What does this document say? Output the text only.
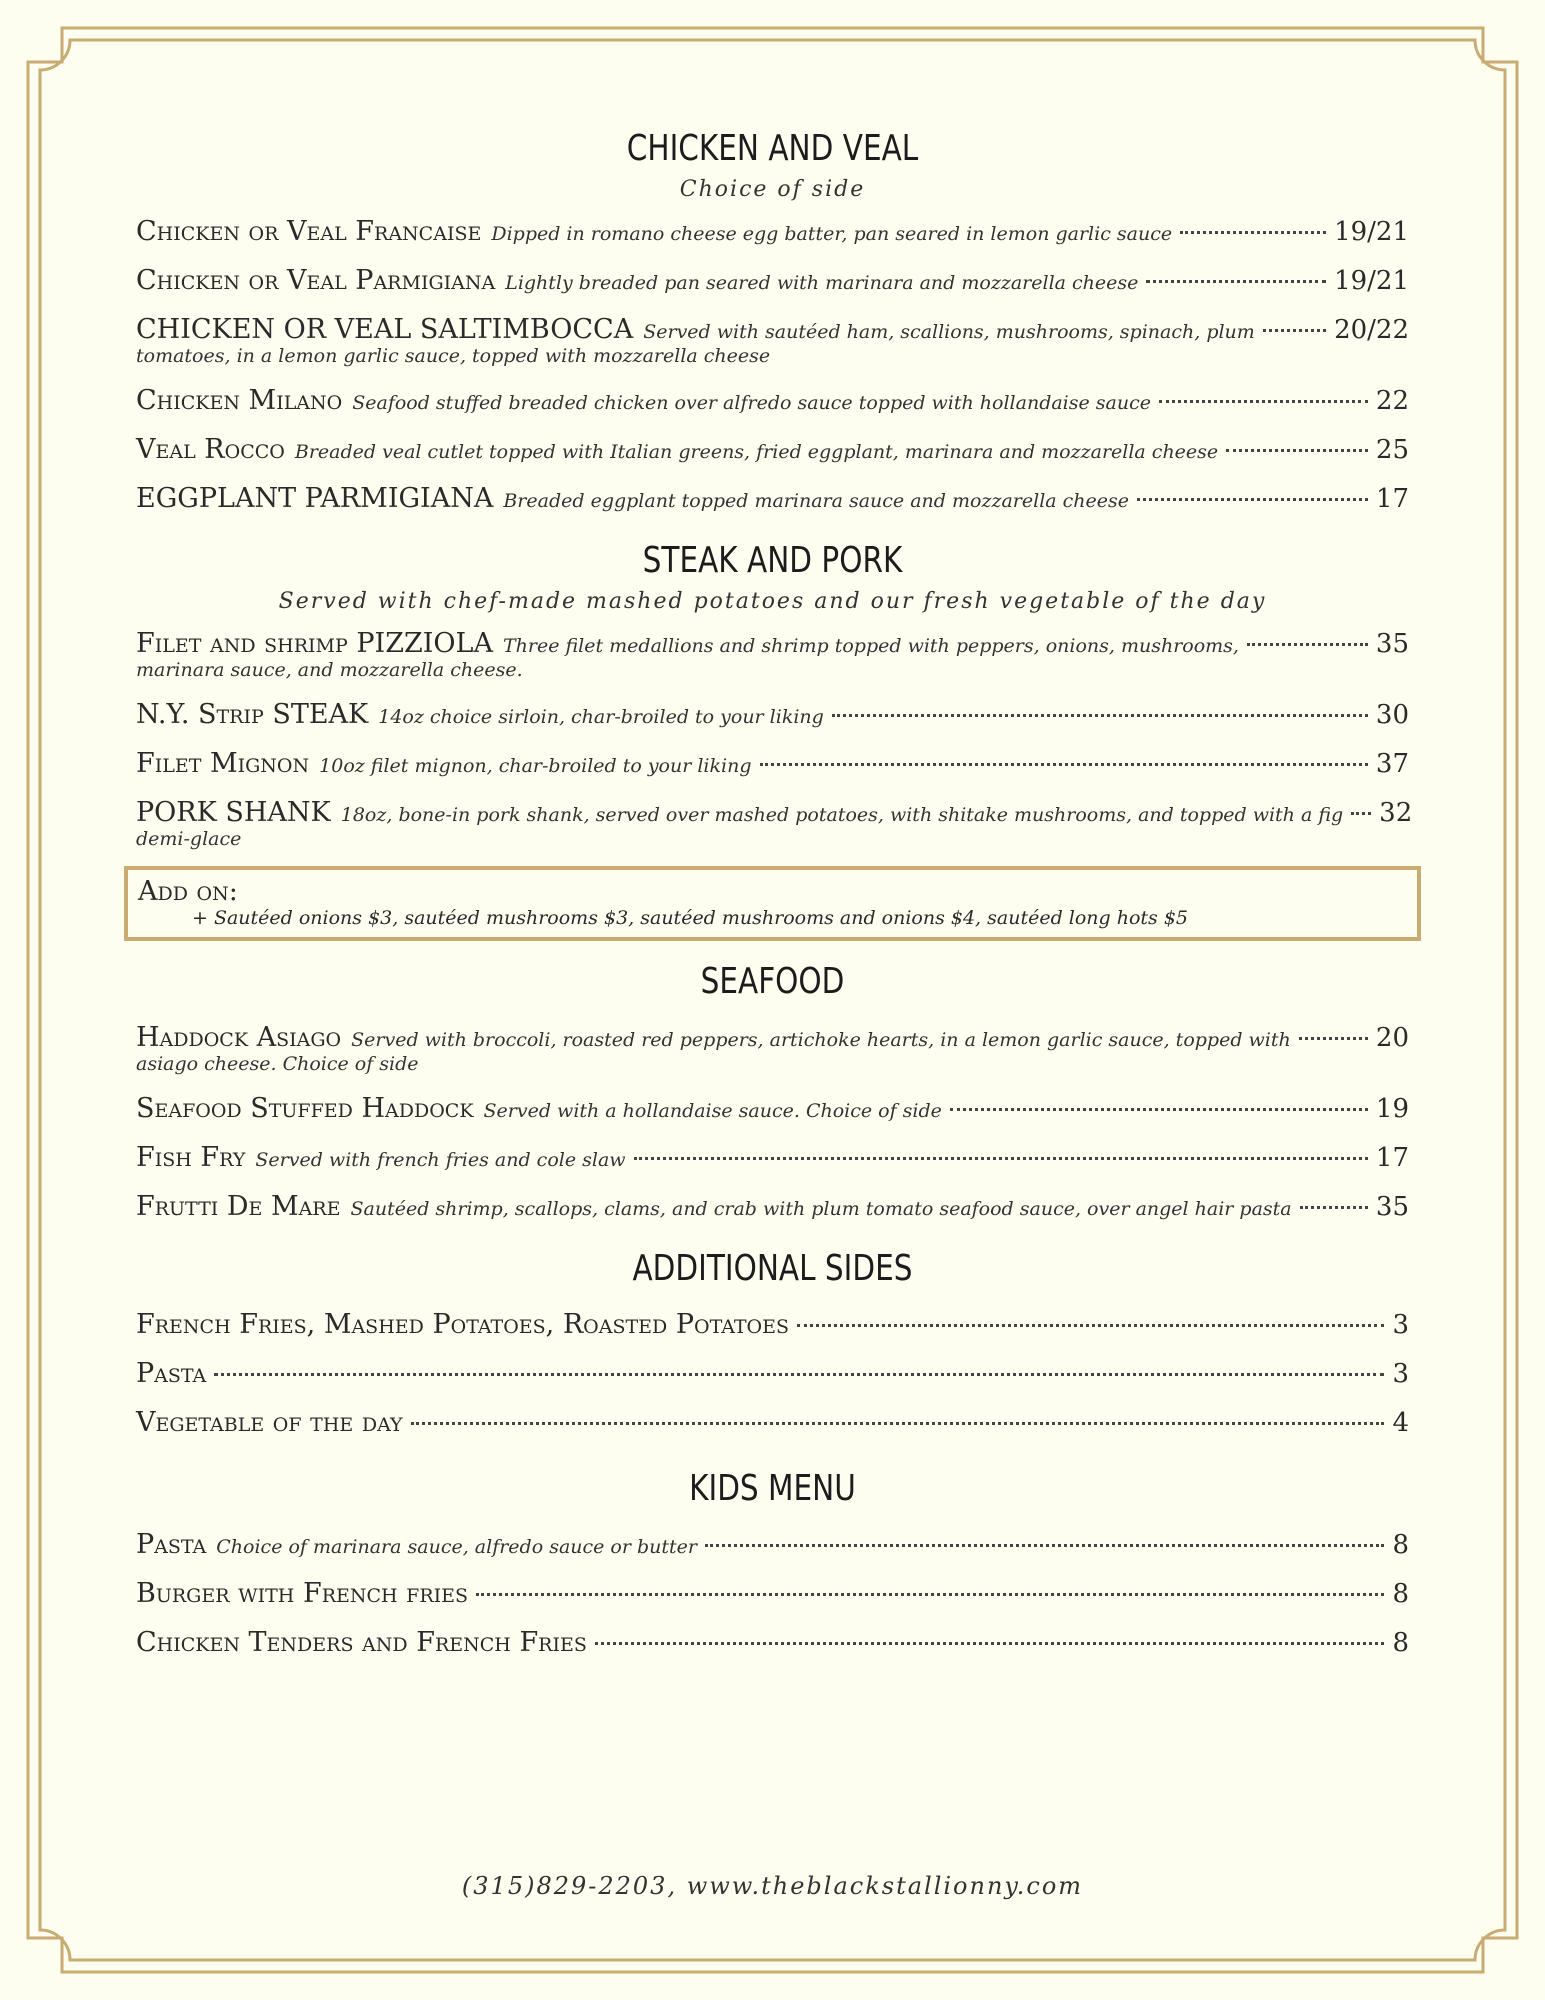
CHICKEN AND VEAL
Choice of side
Chicken or Veal Francaise Dipped in romano cheese egg batter, pan seared in lemon garlic sauce	19/21
Chicken or Veal Parmigiana Lightly breaded pan seared with marinara and mozzarella cheese	19/21
CHICKEN OR VEAL SALTIMBOCCA Served with sautéed ham, scallions, mushrooms, spinach, plum	20/22
tomatoes, in a lemon garlic sauce, topped with mozzarella cheese
Chicken Milano Seafood stuffed breaded chicken over alfredo sauce topped with hollandaise sauce	22
Veal Rocco Breaded veal cutlet topped with Italian greens, fried eggplant, marinara and mozzarella cheese	25
EGGPLANT PARMIGIANA Breaded eggplant topped marinara sauce and mozzarella cheese	17
STEAK AND PORK
Served with chef-made mashed potatoes and our fresh vegetable of the day
Filet and shrimp PIZZIOLA Three filet medallions and shrimp topped with peppers, onions, mushrooms,	35
marinara sauce, and mozzarella cheese.
N.Y. Strip STEAK 14oz choice sirloin, char-broiled to your liking	30
Filet Mignon 10oz filet mignon, char-broiled to your liking	37
PORK SHANK 18oz, bone-in pork shank, served over mashed potatoes, with shitake mushrooms, and topped with a fig 32
demi-glace
Add on:
+ Sautéed onions $3, sautéed mushrooms $3, sautéed mushrooms and onions $4, sautéed long hots $5
SEAFOOD
Haddock Asiago Served with broccoli, roasted red peppers, artichoke hearts, in a lemon garlic sauce, topped with	20
asiago cheese. Choice of side
Seafood Stuffed Haddock Served with a hollandaise sauce. Choice of side	19
Fish Fry Served with french fries and cole slaw	17
Frutti De Mare Sautéed shrimp, scallops, clams, and crab with plum tomato seafood sauce, over angel hair pasta	35
ADDITIONAL SIDES
French Fries, Mashed Potatoes, Roasted Potatoes	3
Pasta	3
Vegetable of the day	4
KIDS MENU
Pasta Choice of marinara sauce, alfredo sauce or butter	8
Burger with French fries	8
Chicken Tenders and French Fries	8
(315)829-2203, www.theblackstallionny.com
